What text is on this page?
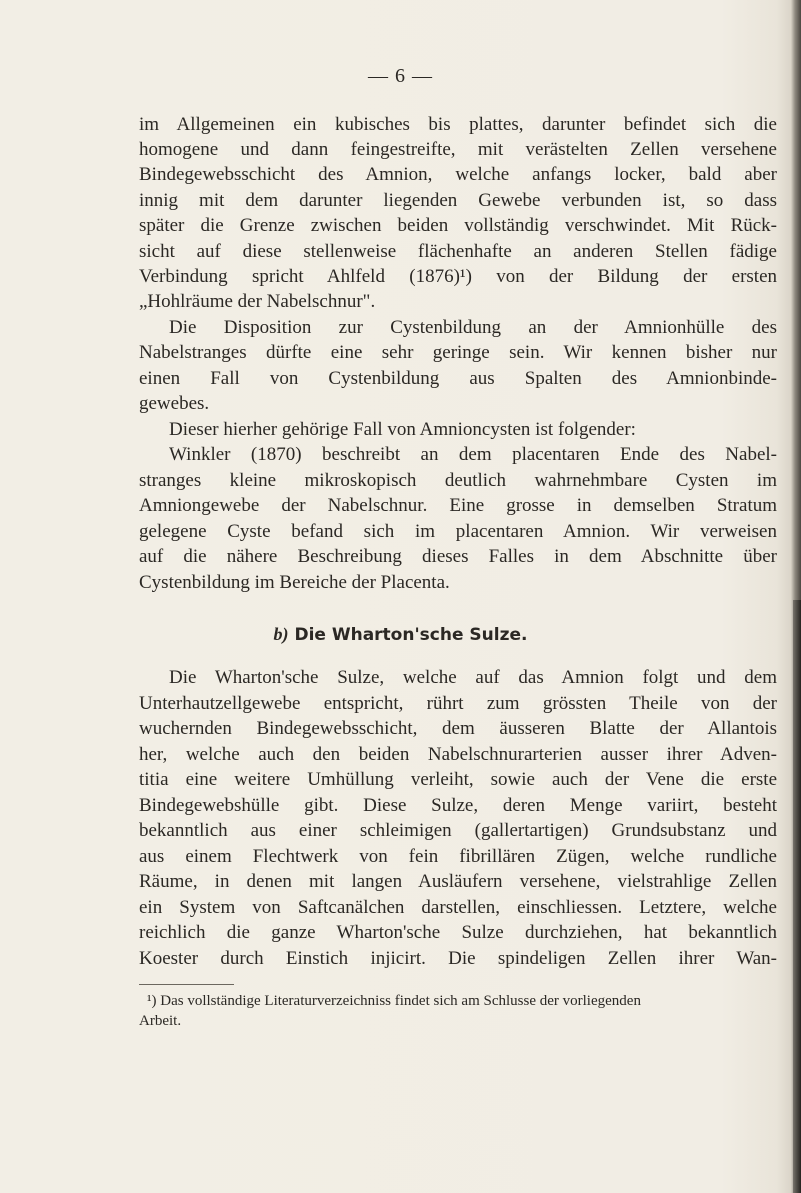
— 6 —
im Allgemeinen ein kubisches bis plattes, darunter befindet sich die
homogene und dann feingestreifte, mit verästelten Zellen versehene
Bindegewebsschicht des Amnion, welche anfangs locker, bald aber
innig mit dem darunter liegenden Gewebe verbunden ist, so dass
später die Grenze zwischen beiden vollständig verschwindet. Mit Rück-
sicht auf diese stellenweise flächenhafte an anderen Stellen fädige
Verbindung spricht Ahlfeld (1876)¹) von der Bildung der ersten
„Hohlräume der Nabelschnur".
Die Disposition zur Cystenbildung an der Amnionhülle des
Nabelstranges dürfte eine sehr geringe sein. Wir kennen bisher nur
einen Fall von Cystenbildung aus Spalten des Amnionbinde-
gewebes.
Dieser hierher gehörige Fall von Amnioncysten ist folgender:
Winkler (1870) beschreibt an dem placentaren Ende des Nabel-
stranges kleine mikroskopisch deutlich wahrnehmbare Cysten im
Amniongewebe der Nabelschnur. Eine grosse in demselben Stratum
gelegene Cyste befand sich im placentaren Amnion. Wir verweisen
auf die nähere Beschreibung dieses Falles in dem Abschnitte über
Cystenbildung im Bereiche der Placenta.
b) Die Wharton'sche Sulze.
Die Wharton'sche Sulze, welche auf das Amnion folgt und dem
Unterhautzellgewebe entspricht, rührt zum grössten Theile von der
wuchernden Bindegewebsschicht, dem äusseren Blatte der Allantois
her, welche auch den beiden Nabelschnurarterien ausser ihrer Adven-
titia eine weitere Umhüllung verleiht, sowie auch der Vene die erste
Bindegewebshülle gibt. Diese Sulze, deren Menge variirt, besteht
bekanntlich aus einer schleimigen (gallertartigen) Grundsubstanz und
aus einem Flechtwerk von fein fibrillären Zügen, welche rundliche
Räume, in denen mit langen Ausläufern versehene, vielstrahlige Zellen
ein System von Saftcanälchen darstellen, einschliessen. Letztere, welche
reichlich die ganze Wharton'sche Sulze durchziehen, hat bekanntlich
Koester durch Einstich injicirt. Die spindeligen Zellen ihrer Wan-
¹) Das vollständige Literaturverzeichniss findet sich am Schlusse der vorliegenden
Arbeit.
